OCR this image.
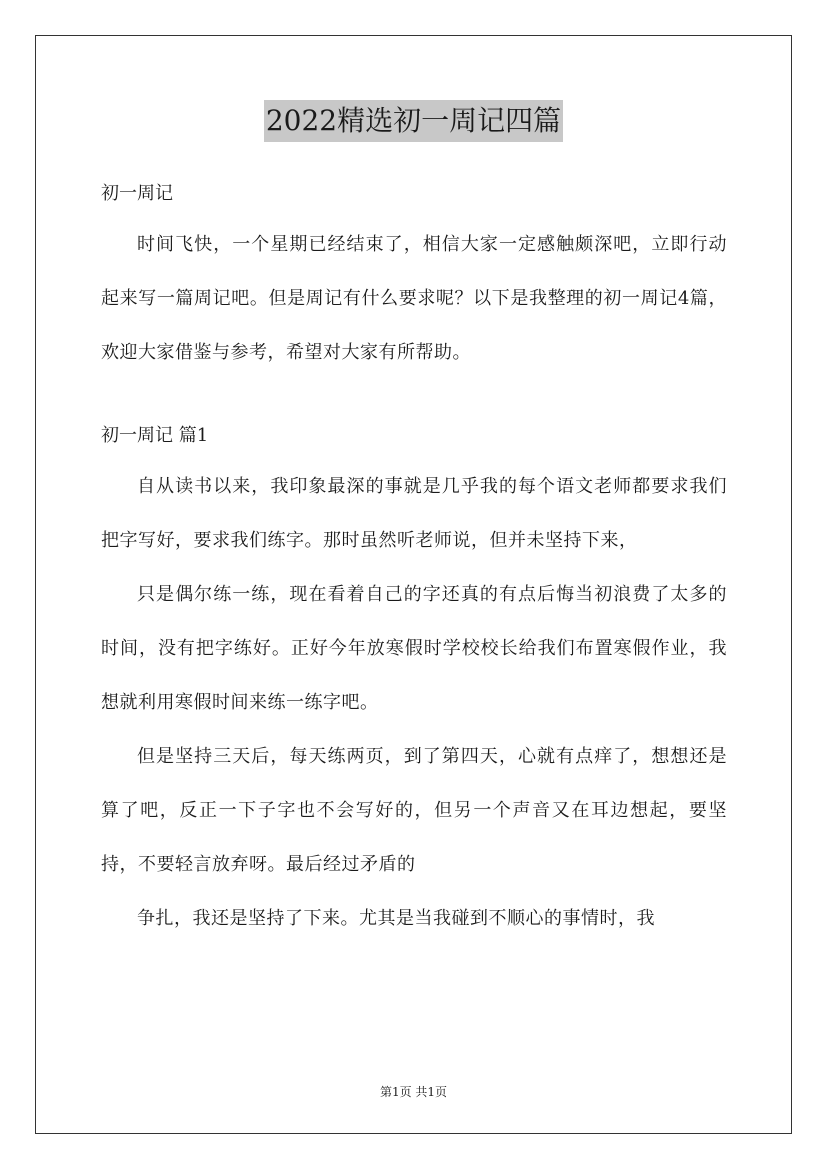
2022精选初一周记四篇

初一周记

时间飞快，一个星期已经结束了，相信大家一定感触颇深吧，立即行动起来写一篇周记吧。但是周记有什么要求呢？以下是我整理的初一周记4篇，欢迎大家借鉴与参考，希望对大家有所帮助。

初一周记 篇1

自从读书以来，我印象最深的事就是几乎我的每个语文老师都要求我们把字写好，要求我们练字。那时虽然听老师说，但并未坚持下来，

只是偶尔练一练，现在看着自己的字还真的有点后悔当初浪费了太多的时间，没有把字练好。正好今年放寒假时学校校长给我们布置寒假作业，我想就利用寒假时间来练一练字吧。

但是坚持三天后，每天练两页，到了第四天，心就有点痒了，想想还是算了吧，反正一下子字也不会写好的，但另一个声音又在耳边想起，要坚持，不要轻言放弃呀。最后经过矛盾的

争扎，我还是坚持了下来。尤其是当我碰到不顺心的事情时，我

第1页 共1页
